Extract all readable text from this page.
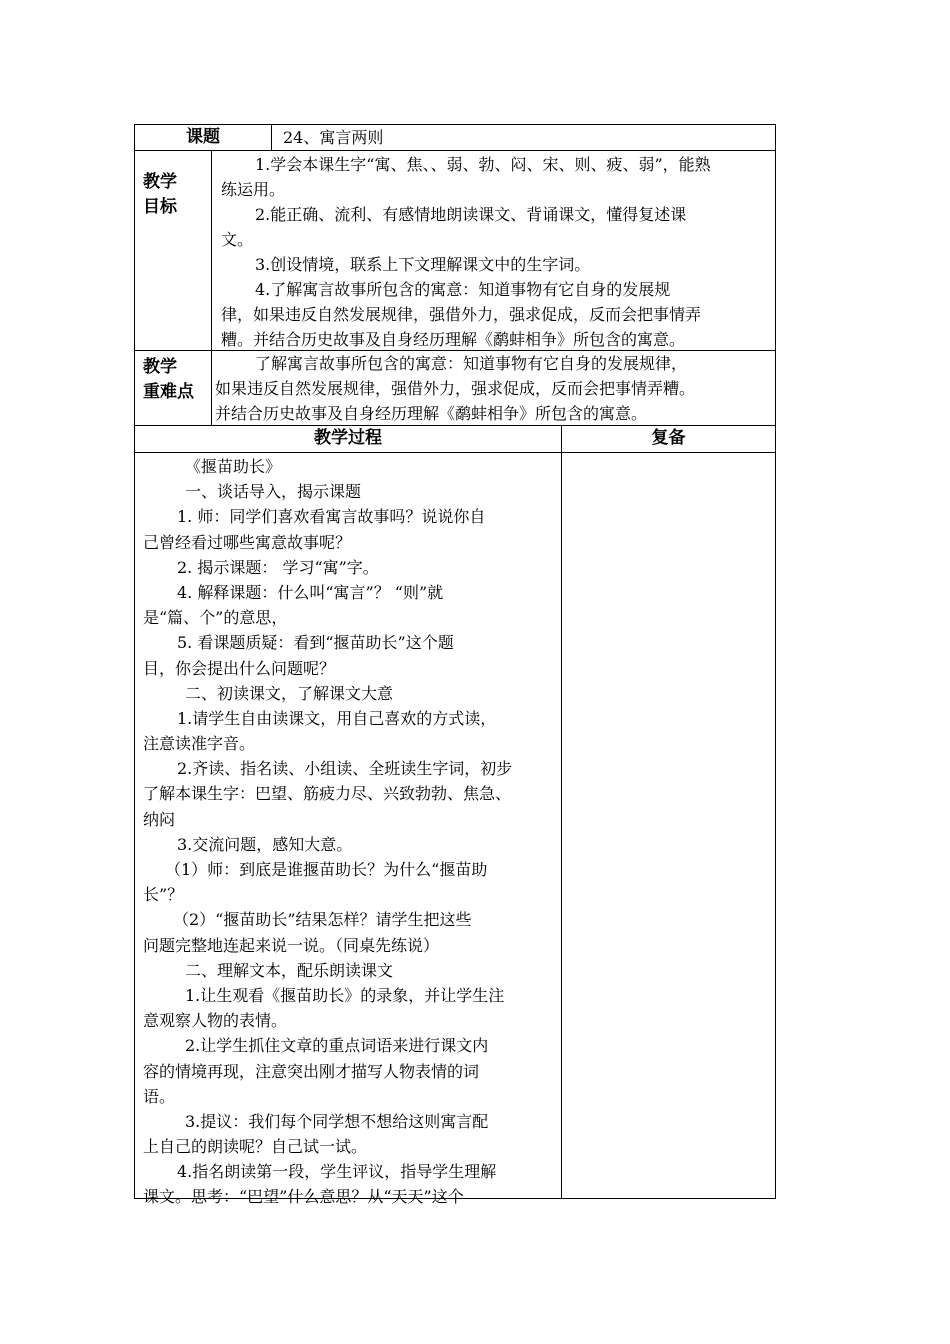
课题	24、寓言两则
教学
目标
1.学会本课生字“寓、焦、、弱、勃、闷、宋、则、疲、弱”，能熟
练运用。
2.能正确、流利、有感情地朗读课文、背诵课文，懂得复述课
文。
3.创设情境，联系上下文理解课文中的生字词。
4.了解寓言故事所包含的寓意：知道事物有它自身的发展规
律，如果违反自然发展规律，强借外力，强求促成，反而会把事情弄
糟。并结合历史故事及自身经历理解《鹬蚌相争》所包含的寓意。
教学
重难点
了解寓言故事所包含的寓意：知道事物有它自身的发展规律，
如果违反自然发展规律，强借外力，强求促成，反而会把事情弄糟。
并结合历史故事及自身经历理解《鹬蚌相争》所包含的寓意。
教学过程	复备
《揠苗助长》
一、谈话导入，揭示课题
1. 师：同学们喜欢看寓言故事吗？说说你自
己曾经看过哪些寓意故事呢？
2. 揭示课题： 学习“寓”字。
4. 解释课题：什么叫“寓言”？ “则”就
是“篇、个”的意思，
5. 看课题质疑：看到“揠苗助长”这个题
目，你会提出什么问题呢？
二、初读课文，了解课文大意
1.请学生自由读课文，用自己喜欢的方式读，
注意读准字音。
2.齐读、指名读、小组读、全班读生字词，初步
了解本课生字：巴望、筋疲力尽、兴致勃勃、焦急、
纳闷
3.交流问题，感知大意。
（1）师：到底是谁揠苗助长？为什么“揠苗助
长”？
（2）“揠苗助长”结果怎样？请学生把这些
问题完整地连起来说一说。（同桌先练说）
二、理解文本，配乐朗读课文
1.让生观看《揠苗助长》的录象，并让学生注
意观察人物的表情。
2.让学生抓住文章的重点词语来进行课文内
容的情境再现，注意突出刚才描写人物表情的词
语。
3.提议：我们每个同学想不想给这则寓言配
上自己的朗读呢？自己试一试。
4.指名朗读第一段，学生评议，指导学生理解
课文。思考：“巴望”什么意思？从“天天”这个
